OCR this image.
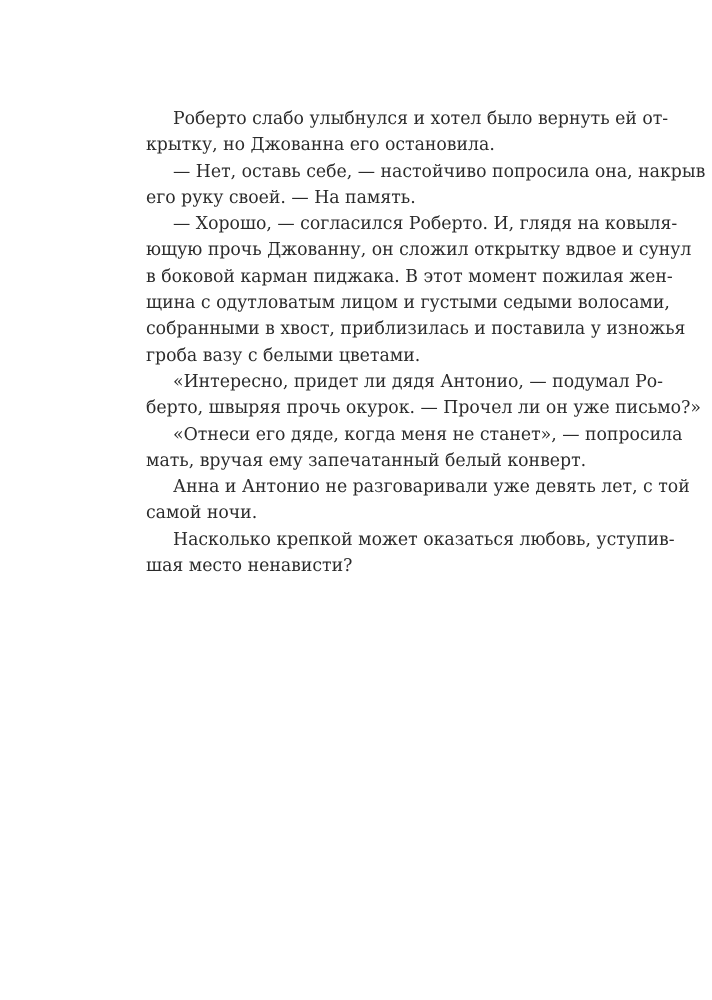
Роберто слабо улыбнулся и хотел было вернуть ей от-
крытку, но Джованна его остановила.
— Нет, оставь себе, — настойчиво попросила она, накрыв
его руку своей. — На память.
— Хорошо, — согласился Роберто. И, глядя на ковыля-
ющую прочь Джованну, он сложил открытку вдвое и сунул
в боковой карман пиджака. В этот момент пожилая жен-
щина с одутловатым лицом и густыми седыми волосами,
собранными в хвост, приблизилась и поставила у изножья
гроба вазу с белыми цветами.
«Интересно, придет ли дядя Антонио, — подумал Ро-
берто, швыряя прочь окурок. — Прочел ли он уже письмо?»
«Отнеси его дяде, когда меня не станет», — попросила
мать, вручая ему запечатанный белый конверт.
Анна и Антонио не разговаривали уже девять лет, с той
самой ночи.
Насколько крепкой может оказаться любовь, уступив-
шая место ненависти?
